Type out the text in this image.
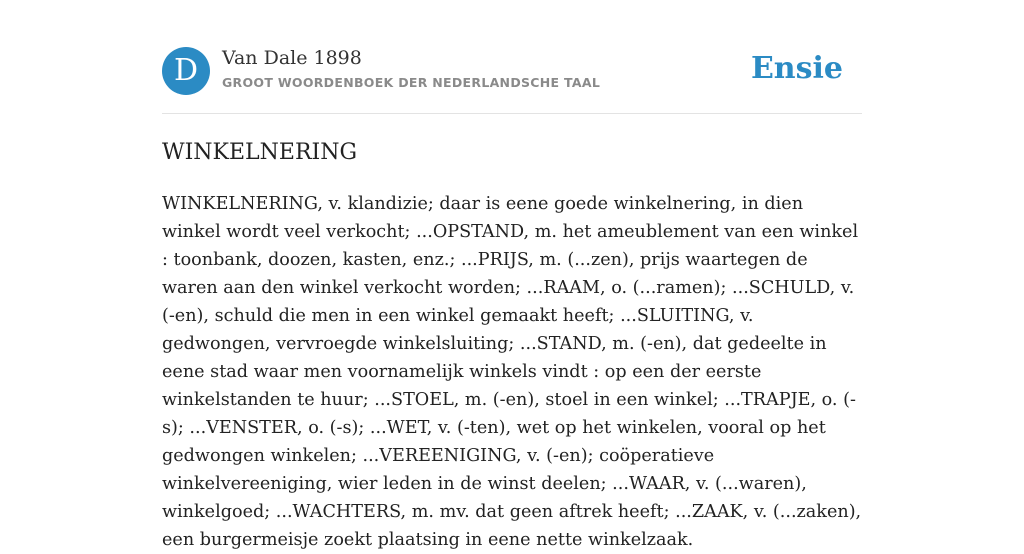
D	Van Dale 1898
GROOT WOORDENBOEK DER NEDERLANDSCHE TAAL	Ensie
WINKELNERING

WINKELNERING, v. klandizie; daar is eene goede winkelnering, in dien winkel wordt veel verkocht; ...OPSTAND, m. het ameublement van een winkel : toonbank, doozen, kasten, enz.; ...PRIJS, m. (...zen), prijs waartegen de waren aan den winkel verkocht worden; ...RAAM, o. (...ramen); ...SCHULD, v. (-en), schuld die men in een winkel gemaakt heeft; ...SLUITING, v. gedwongen, vervroegde winkelsluiting; ...STAND, m. (-en), dat gedeelte in eene stad waar men voornamelijk winkels vindt : op een der eerste winkelstanden te huur; ...STOEL, m. (-en), stoel in een winkel; ...TRAPJE, o. (-s); ...VENSTER, o. (-s); ...WET, v. (-ten), wet op het winkelen, vooral op het gedwongen winkelen; ...VEREENIGING, v. (-en); coöperatieve winkelvereeniging, wier leden in de winst deelen; ...WAAR, v. (...waren), winkelgoed; ...WACHTERS, m. mv. dat geen aftrek heeft; ...ZAAK, v. (...zaken), een burgermeisje zoekt plaatsing in eene nette winkelzaak.
